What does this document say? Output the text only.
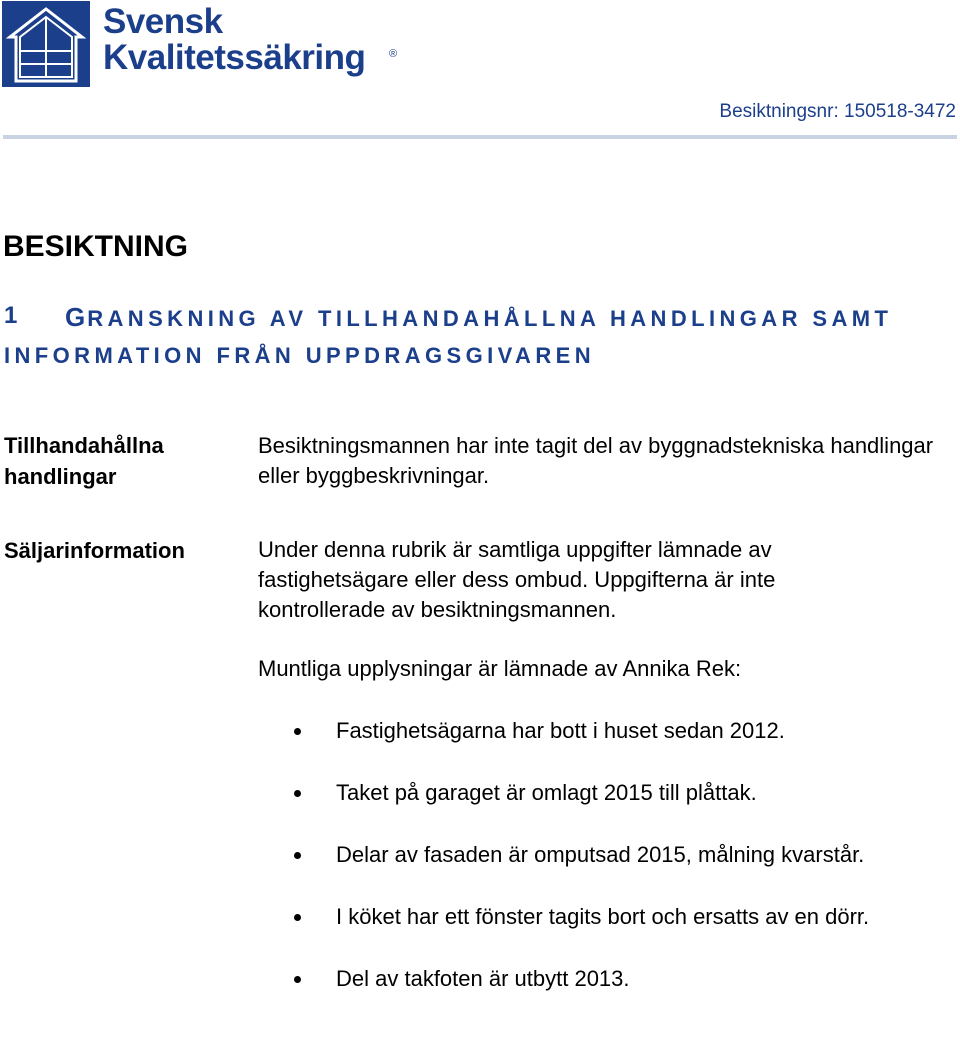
Svensk
Kvalitetssäkring ®
Besiktningsnr: 150518-3472
BESIKTNING
1 GRANSKNING AV TILLHANDAHÅLLNA HANDLINGAR SAMT
INFORMATION FRÅN UPPDRAGSGIVAREN
Tillhandahållna
handlingar
Besiktningsmannen har inte tagit del av byggnadstekniska handlingar eller byggbeskrivningar.
Säljarinformation	Under denna rubrik är samtliga uppgifter lämnade av fastighetsägare eller dess ombud. Uppgifterna är inte kontrollerade av besiktningsmannen.
Muntliga upplysningar är lämnade av Annika Rek:
Fastighetsägarna har bott i huset sedan 2012.
Taket på garaget är omlagt 2015 till plåttak.
Delar av fasaden är omputsad 2015, målning kvarstår.
I köket har ett fönster tagits bort och ersatts av en dörr.
Del av takfoten är utbytt 2013.
